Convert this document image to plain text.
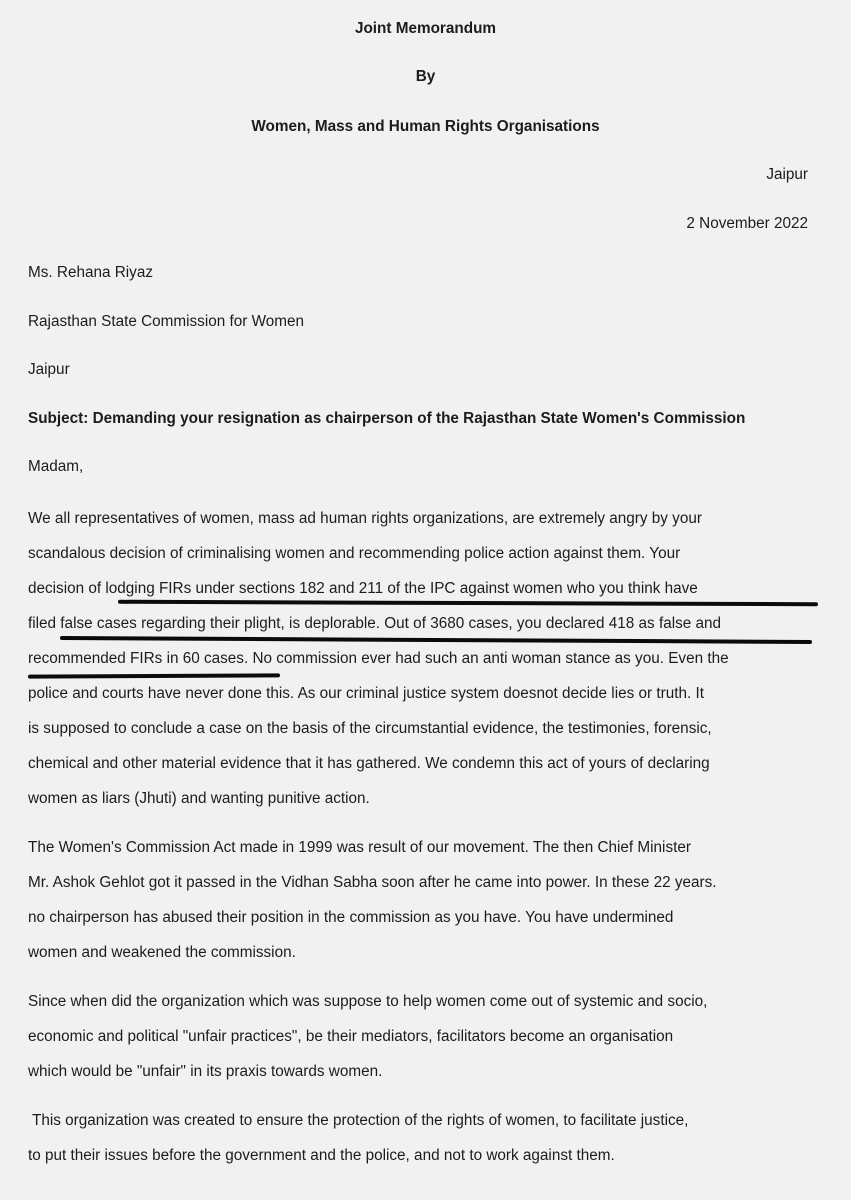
Joint Memorandum
By
Women, Mass and Human Rights Organisations
Jaipur
2 November 2022
Ms. Rehana Riyaz
Rajasthan State Commission for Women
Jaipur
Subject: Demanding your resignation as chairperson of the Rajasthan State Women's Commission
Madam,
We all representatives of women, mass ad human rights organizations, are extremely angry by your
scandalous decision of criminalising women and recommending police action against them. Your
decision of lodging FIRs under sections 182 and 211 of the IPC against women who you think have
filed false cases regarding their plight, is deplorable. Out of 3680 cases, you declared 418 as false and
recommended FIRs in 60 cases. No commission ever had such an anti woman stance as you. Even the
police and courts have never done this. As our criminal justice system doesnot decide lies or truth. It
is supposed to conclude a case on the basis of the circumstantial evidence, the testimonies, forensic,
chemical and other material evidence that it has gathered. We condemn this act of yours of declaring
women as liars (Jhuti) and wanting punitive action.
The Women's Commission Act made in 1999 was result of our movement. The then Chief Minister
Mr. Ashok Gehlot got it passed in the Vidhan Sabha soon after he came into power. In these 22 years.
no chairperson has abused their position in the commission as you have. You have undermined
women and weakened the commission.
Since when did the organization which was suppose to help women come out of systemic and socio,
economic and political "unfair practices", be their mediators, facilitators become an organisation
which would be "unfair" in its praxis towards women.
This organization was created to ensure the protection of the rights of women, to facilitate justice,
to put their issues before the government and the police, and not to work against them.
